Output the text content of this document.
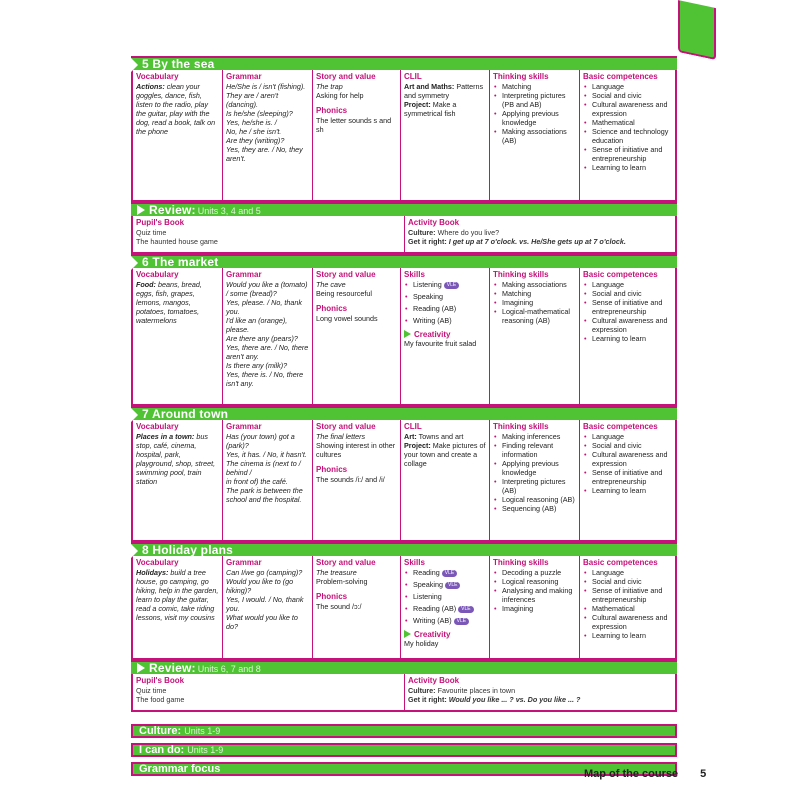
5 By the sea
Vocabulary
Actions: clean your goggles, dance, fish, listen to the radio, play the guitar, play with the dog, read a book, talk on the phone
Grammar
He/She is / isn't (fishing).
They are / aren't (dancing).
Is he/she (sleeping)?
Yes, he/she is. /
No, he / she isn't.
Are they (writing)?
Yes, they are. / No, they aren't.
Story and value
The trap
Asking for help
Phonics
The letter sounds s and sh
CLIL
Art and Maths: Patterns and symmetry
Project: Make a symmetrical fish
Thinking skills
• Matching
• Interpreting pictures (PB and AB)
• Applying previous knowledge
• Making associations (AB)
Basic competences
• Language
• Social and civic
• Cultural awareness and expression
• Mathematical
• Science and technology education
• Sense of initiative and entrepreneurship
• Learning to learn
Review: Units 3, 4 and 5
Pupil's Book
Quiz time
The haunted house game
Activity Book
Culture: Where do you live?
Get it right: I get up at 7 o'clock. vs. He/She gets up at 7 o'clock.
6 The market
Vocabulary
Food: beans, bread, eggs, fish, grapes, lemons, mangos, potatoes, tomatoes, watermelons
Grammar
Would you like a (tomato) / some (bread)?
Yes, please. / No, thank you.
I'd like an (orange), please.
Are there any (pears)?
Yes, there are. / No, there aren't any.
Is there any (milk)?
Yes, there is. / No, there isn't any.
Story and value
The cave
Being resourceful
Phonics
Long vowel sounds
Skills
• Listening VLE
• Speaking
• Reading (AB)
• Writing (AB)
Creativity
My favourite fruit salad
Thinking skills
• Making associations
• Matching
• Imagining
• Logical-mathematical reasoning (AB)
Basic competences
• Language
• Social and civic
• Sense of initiative and entrepreneurship
• Cultural awareness and expression
• Learning to learn
7 Around town
Vocabulary
Places in a town: bus stop, café, cinema, hospital, park, playground, shop, street, swimming pool, train station
Grammar
Has (your town) got a (park)?
Yes, it has. / No, it hasn't.
The cinema is (next to / behind /
in front of) the café.
The park is between the school and the hospital.
Story and value
The final letters
Showing interest in other cultures
Phonics
The sounds /i:/ and /i/
CLIL
Art: Towns and art
Project: Make pictures of your town and create a collage
Thinking skills
• Making inferences
• Finding relevant information
• Applying previous knowledge
• Interpreting pictures (AB)
• Logical reasoning (AB)
• Sequencing (AB)
Basic competences
• Language
• Social and civic
• Cultural awareness and expression
• Sense of initiative and entrepreneurship
• Learning to learn
8 Holiday plans
Vocabulary
Holidays: build a tree house, go camping, go hiking, help in the garden, learn to play the guitar, read a comic, take riding lessons, visit my cousins
Grammar
Can I/we go (camping)?
Would you like to (go hiking)?
Yes, I would. / No, thank you.
What would you like to do?
Story and value
The treasure
Problem-solving
Phonics
The sound /ɔ:/
Skills
• Reading VLE
• Speaking VLE
• Listening
• Reading (AB) VLE
• Writing (AB) VLE
Creativity
My holiday
Thinking skills
• Decoding a puzzle
• Logical reasoning
• Analysing and making inferences
• Imagining
Basic competences
• Language
• Social and civic
• Sense of initiative and entrepreneurship
• Mathematical
• Cultural awareness and expression
• Learning to learn
Review: Units 6, 7 and 8
Pupil's Book
Quiz time
The food game
Activity Book
Culture: Favourite places in town
Get it right: Would you like ... ? vs. Do you like ... ?
Culture: Units 1-9
I can do: Units 1-9
Grammar focus	Map of the course 5
